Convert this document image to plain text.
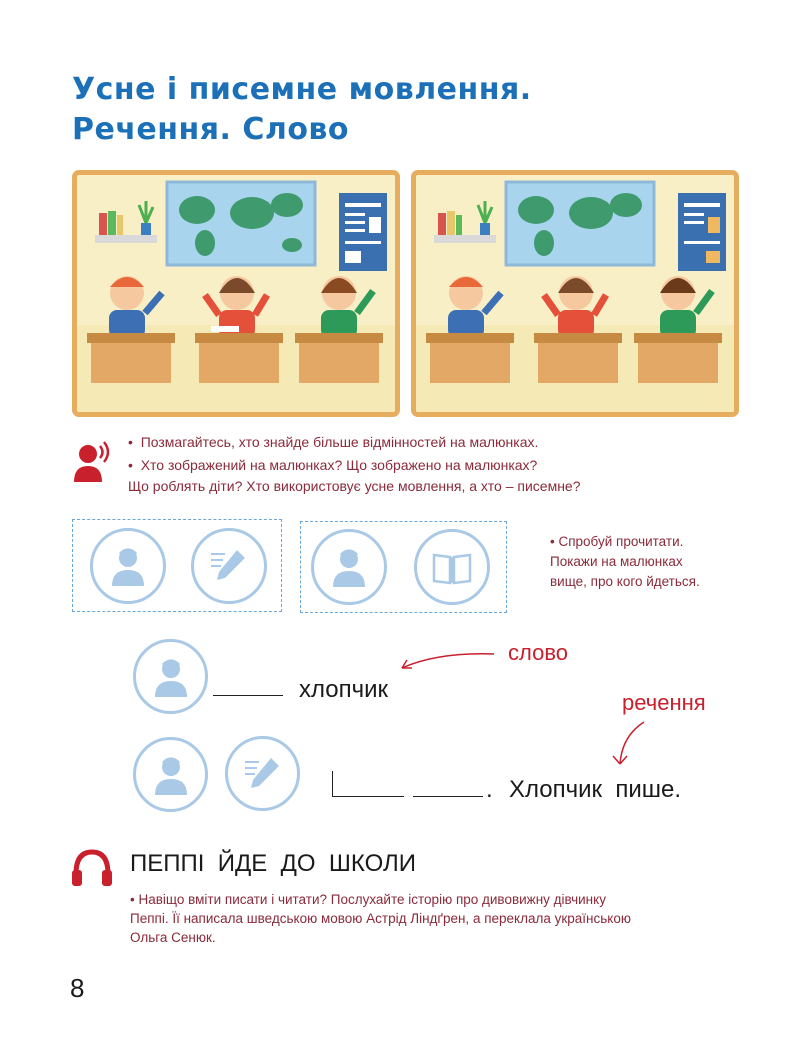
Усне і писемне мовлення.
Речення. Слово
•  Позмагайтесь, хто знайде більше відмінностей на малюнках.
•  Хто зображений на малюнках? Що зображено на малюнках?
Що роблять діти? Хто використовує усне мовлення, а хто – писемне?
• Спробуй прочитати.
Покажи на малюнках
вище, про кого йдеться.
хлопчик
слово
речення
. Хлопчик  пише.
ПЕППІ  ЙДЕ  ДО  ШКОЛИ
• Навіщо вміти писати і читати? Послухайте історію про дивовижну дівчинку
Пеппі. Її написала шведською мовою Астрід Ліндґрен, а переклала українською
Ольга Сенюк.
8
